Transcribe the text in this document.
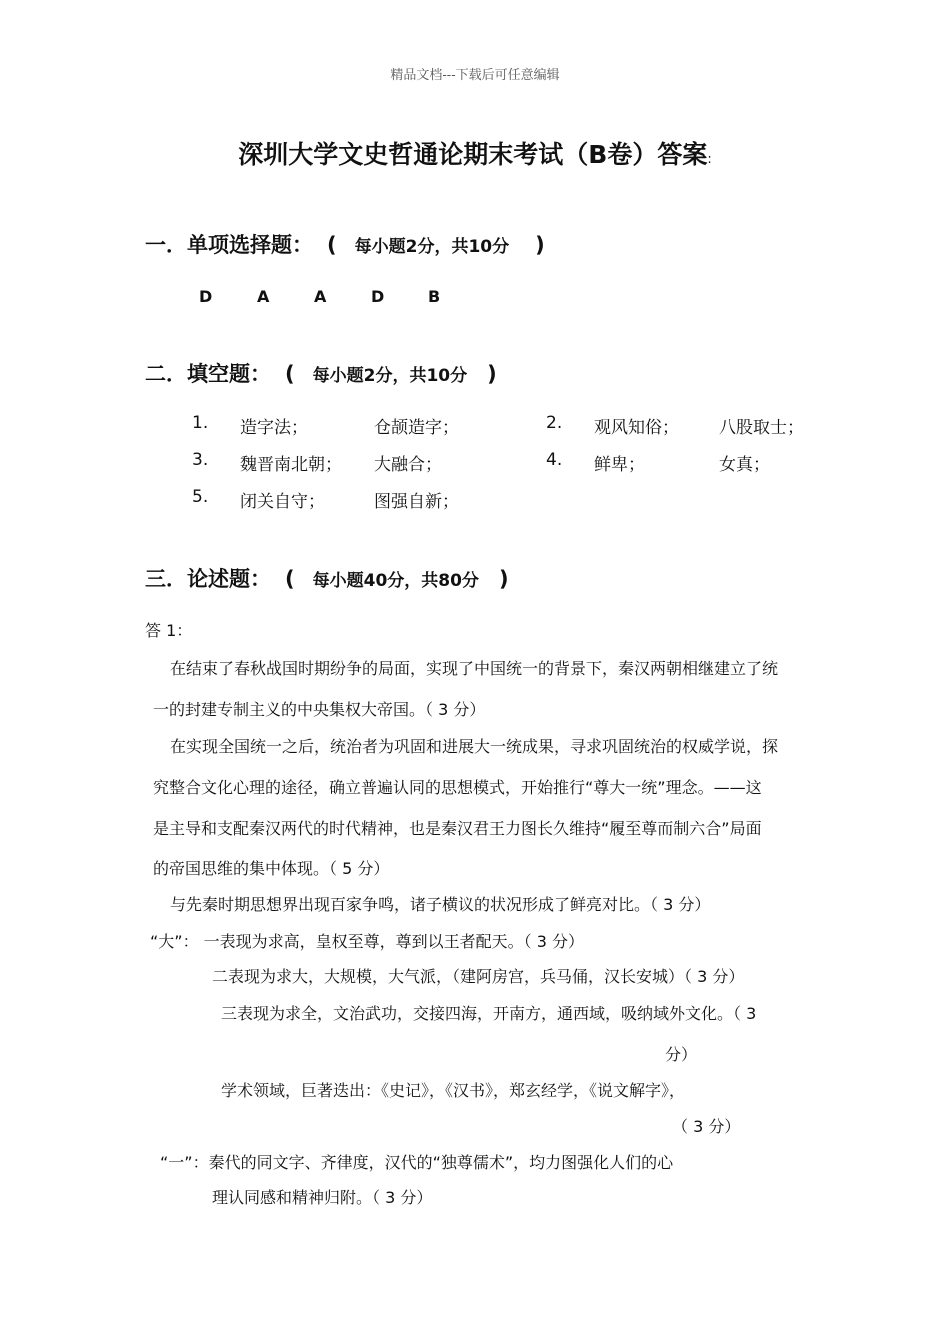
精品文档---下载后可任意编辑
深圳大学文史哲通论期末考试（B卷）答案:
一．单项选择题： ( 每小题2分，共10分 )
D	A	A	D	B
二．填空题： ( 每小题2分，共10分 )
1. 造字法；	仓颉造字；	2. 观风知俗； 八股取士；
3. 魏晋南北朝； 大融合；	4. 鲜卑；	女真；
5. 闭关自守；	图强自新；
三．论述题： ( 每小题40分，共80分 )
答 1：
在结束了春秋战国时期纷争的局面，实现了中国统一的背景下，秦汉两朝相继建立了统
一的封建专制主义的中央集权大帝国。（ 3 分）
在实现全国统一之后，统治者为巩固和进展大一统成果，寻求巩固统治的权威学说，探
究整合文化心理的途径，确立普遍认同的思想模式，开始推行“尊大一统”理念。——这
是主导和支配秦汉两代的时代精神，也是秦汉君王力图长久维持“履至尊而制六合”局面
的帝国思维的集中体现。（ 5 分）
与先秦时期思想界出现百家争鸣，诸子横议的状况形成了鲜亮对比。（ 3 分）
“大”： 一表现为求高，皇权至尊，尊到以王者配天。（ 3 分）
二表现为求大，大规模，大气派，（建阿房宫，兵马俑，汉长安城）（ 3 分）
三表现为求全，文治武功，交接四海，开南方，通西域，吸纳域外文化。（ 3
分）
学术领域，巨著迭出：《史记》，《汉书》，郑玄经学，《说文解字》，
（ 3 分）
“一”：秦代的同文字、齐律度，汉代的“独尊儒术”，均力图强化人们的心
理认同感和精神归附。（ 3 分）
